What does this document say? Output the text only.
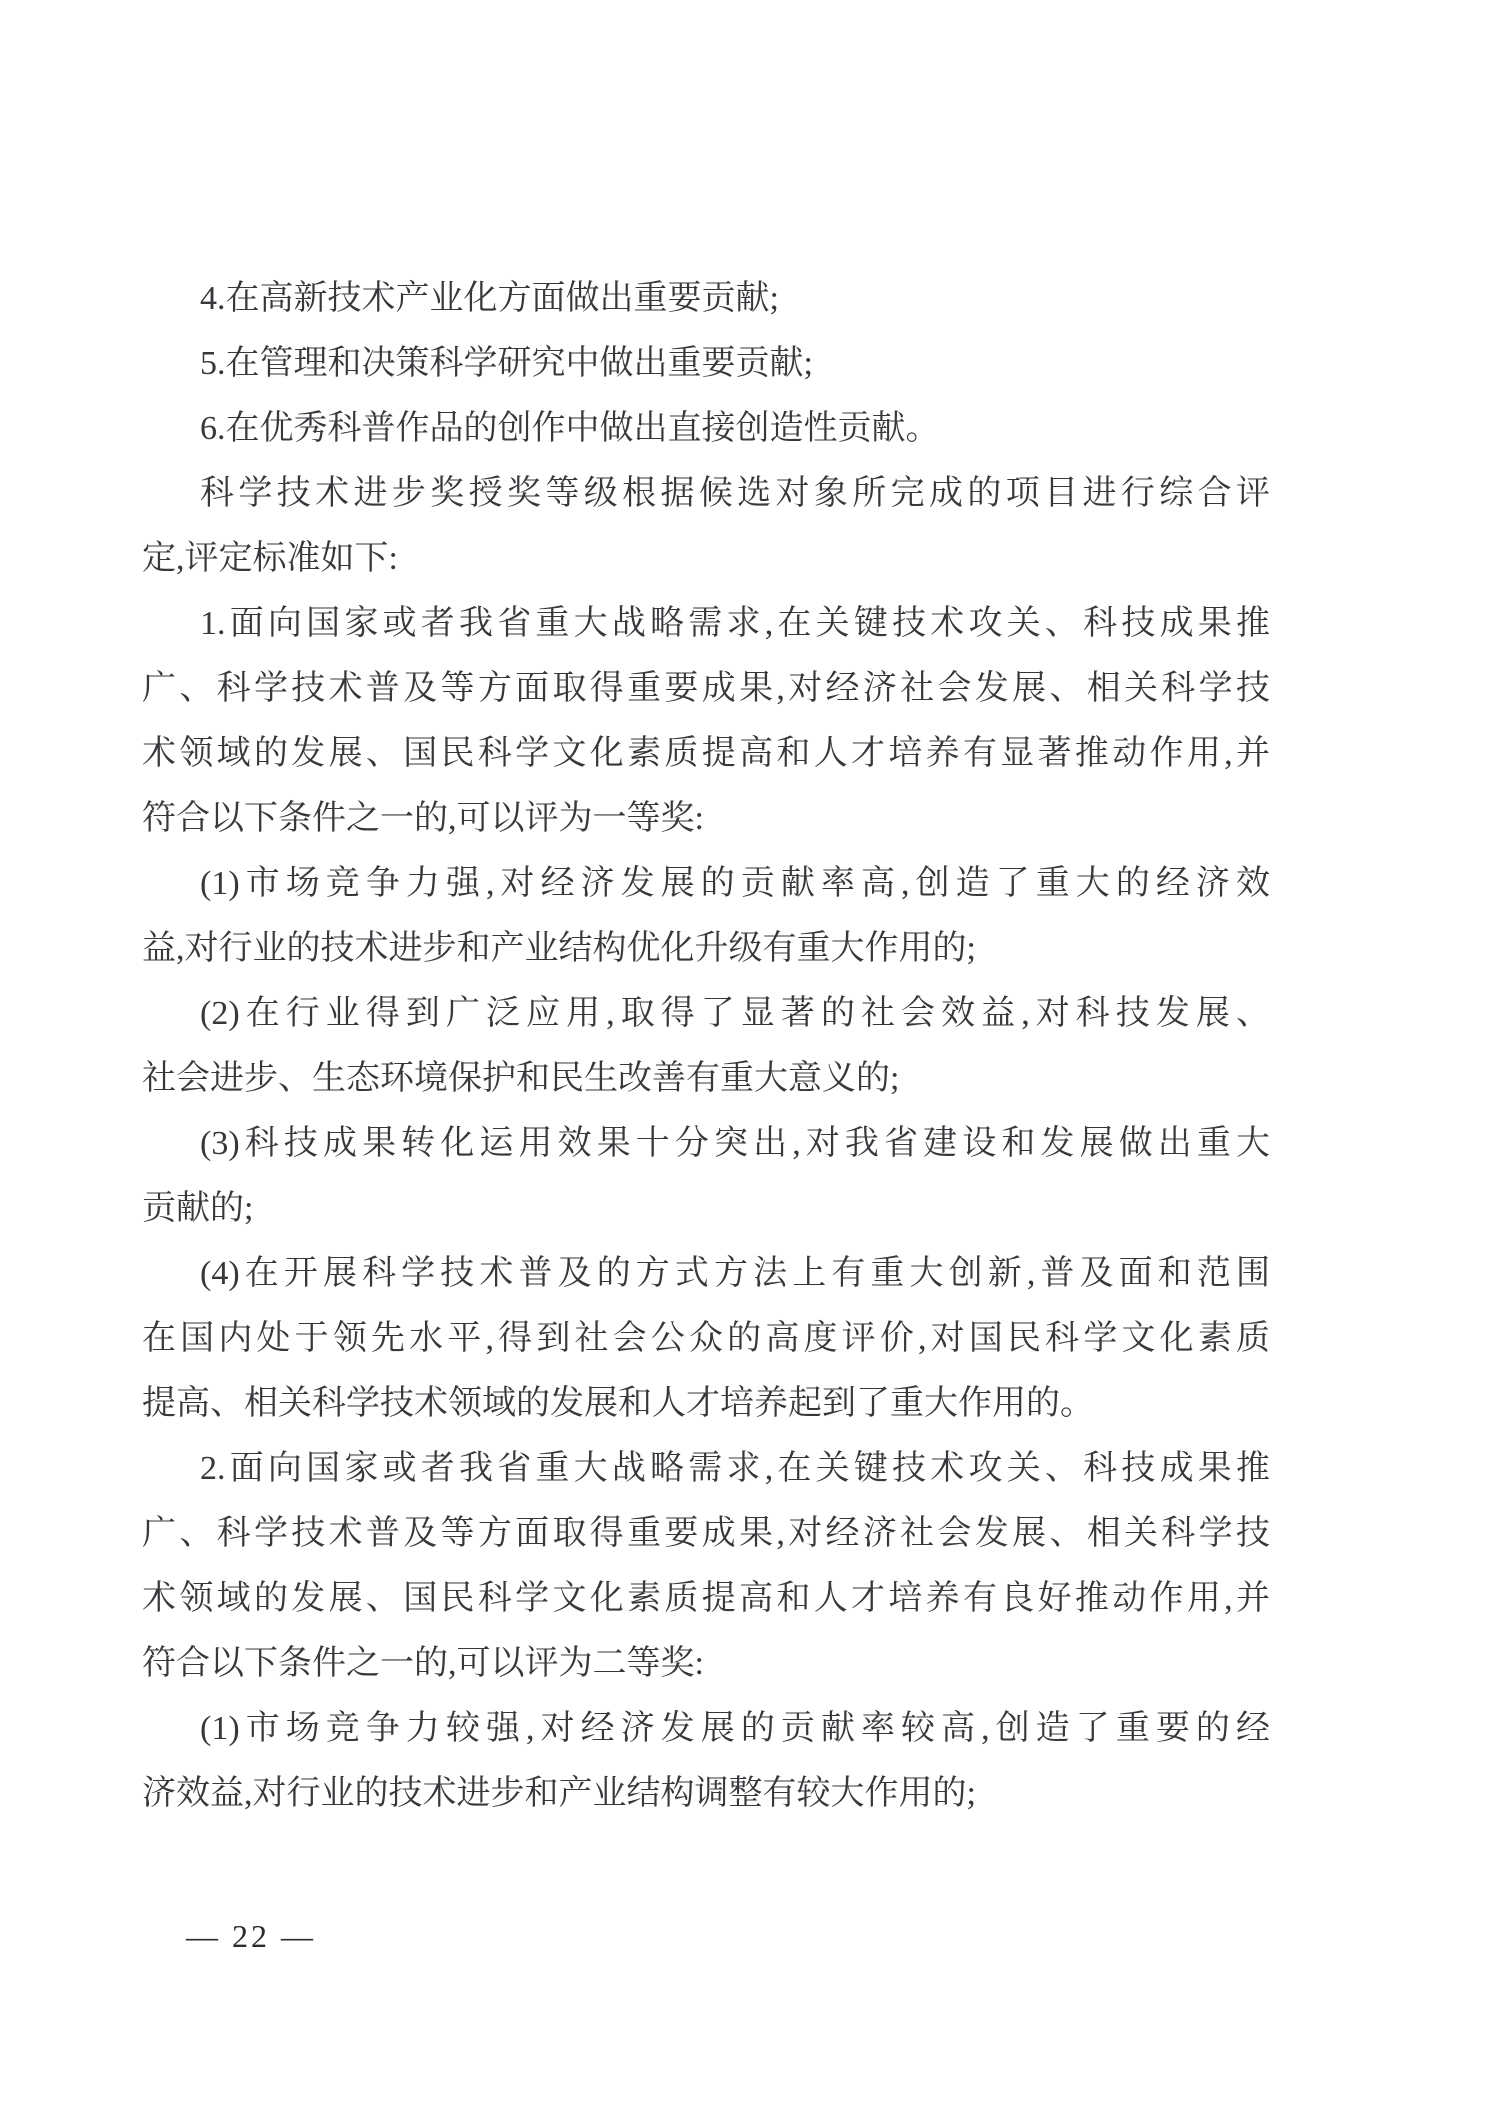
4.在高新技术产业化方面做出重要贡献;
5.在管理和决策科学研究中做出重要贡献;
6.在优秀科普作品的创作中做出直接创造性贡献。
科学技术进步奖授奖等级根据候选对象所完成的项目进行综合评
定,评定标准如下:
1.面向国家或者我省重大战略需求,在关键技术攻关、科技成果推
广、科学技术普及等方面取得重要成果,对经济社会发展、相关科学技
术领域的发展、国民科学文化素质提高和人才培养有显著推动作用,并
符合以下条件之一的,可以评为一等奖:
(1)市场竞争力强,对经济发展的贡献率高,创造了重大的经济效
益,对行业的技术进步和产业结构优化升级有重大作用的;
(2)在行业得到广泛应用,取得了显著的社会效益,对科技发展、
社会进步、生态环境保护和民生改善有重大意义的;
(3)科技成果转化运用效果十分突出,对我省建设和发展做出重大
贡献的;
(4)在开展科学技术普及的方式方法上有重大创新,普及面和范围
在国内处于领先水平,得到社会公众的高度评价,对国民科学文化素质
提高、相关科学技术领域的发展和人才培养起到了重大作用的。
2.面向国家或者我省重大战略需求,在关键技术攻关、科技成果推
广、科学技术普及等方面取得重要成果,对经济社会发展、相关科学技
术领域的发展、国民科学文化素质提高和人才培养有良好推动作用,并
符合以下条件之一的,可以评为二等奖:
(1)市场竞争力较强,对经济发展的贡献率较高,创造了重要的经
济效益,对行业的技术进步和产业结构调整有较大作用的;
— 22 —
